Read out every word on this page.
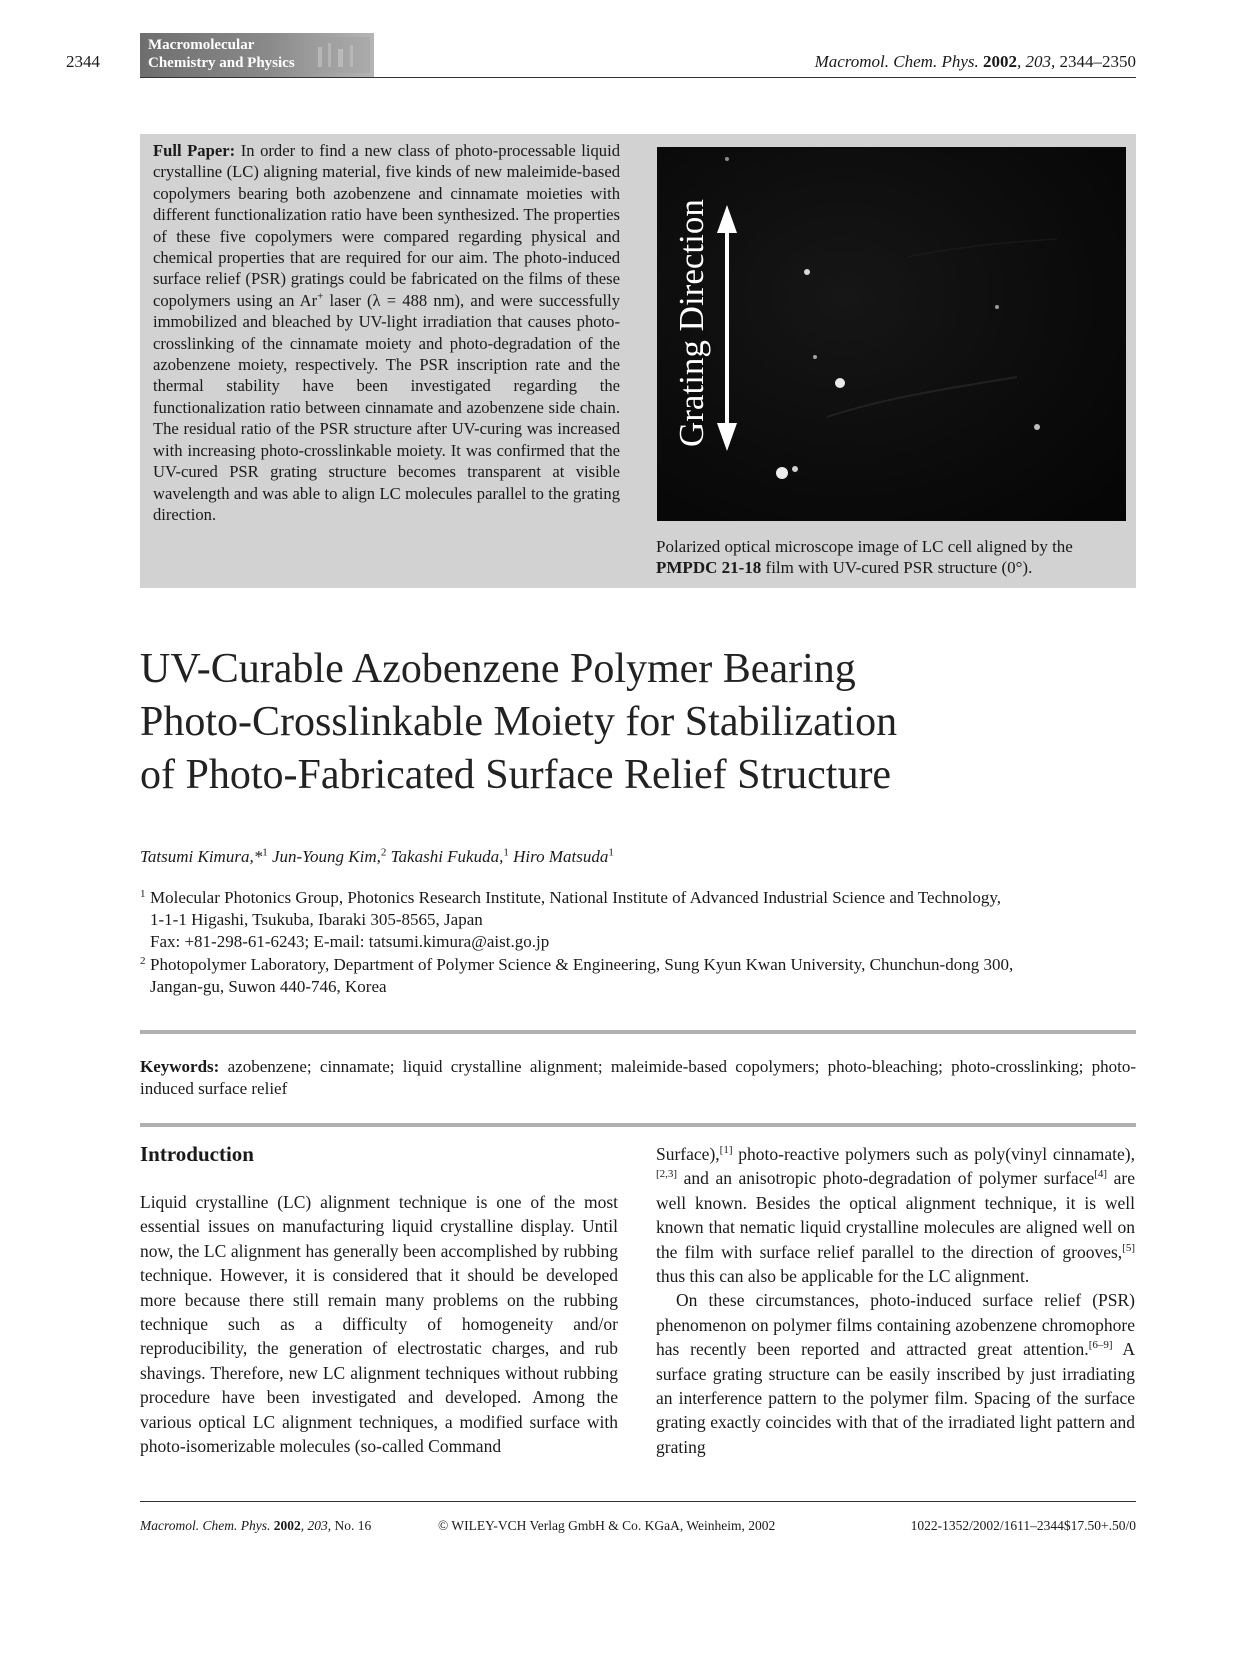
2344
Macromolecular
Chemistry and Physics	Macromol. Chem. Phys. 2002, 203, 2344–2350
Full Paper: In order to find a new class of photo-processable liquid crystalline (LC) aligning material, five kinds of new maleimide-based copolymers bearing both azobenzene and cinnamate moieties with different functionalization ratio have been synthesized. The properties of these five copolymers were compared regarding physical and chemical properties that are required for our aim. The photo-induced surface relief (PSR) gratings could be fabricated on the films of these copolymers using an Ar+ laser (λ = 488 nm), and were successfully immobilized and bleached by UV-light irradiation that causes photo-crosslinking of the cinnamate moiety and photo-degradation of the azobenzene moiety, respectively. The PSR inscription rate and the thermal stability have been investigated regarding the functionalization ratio between cinnamate and azobenzene side chain. The residual ratio of the PSR structure after UV-curing was increased with increasing photo-crosslinkable moiety. It was confirmed that the UV-cured PSR grating structure becomes transparent at visible wavelength and was able to align LC molecules parallel to the grating direction.
Grating Direction
Polarized optical microscope image of LC cell aligned by the PMPDC 21-18 film with UV-cured PSR structure (0°).
UV-Curable Azobenzene Polymer Bearing
Photo-Crosslinkable Moiety for Stabilization
of Photo-Fabricated Surface Relief Structure
Tatsumi Kimura,*$^1$ Jun-Young Kim,$^2$ Takashi Fukuda,$^1$ Hiro Matsuda$^1$
1 Molecular Photonics Group, Photonics Research Institute, National Institute of Advanced Industrial Science and Technology,
1-1-1 Higashi, Tsukuba, Ibaraki 305-8565, Japan
Fax: +81-298-61-6243; E-mail: tatsumi.kimura@aist.go.jp
2 Photopolymer Laboratory, Department of Polymer Science & Engineering, Sung Kyun Kwan University, Chunchun-dong 300,
Jangan-gu, Suwon 440-746, Korea
Keywords: azobenzene; cinnamate; liquid crystalline alignment; maleimide-based copolymers; photo-bleaching; photo-crosslinking; photo-induced surface relief
Introduction
Liquid crystalline (LC) alignment technique is one of the most essential issues on manufacturing liquid crystalline display. Until now, the LC alignment has generally been accomplished by rubbing technique. However, it is considered that it should be developed more because there still remain many problems on the rubbing technique such as a difficulty of homogeneity and/or reproducibility, the generation of electrostatic charges, and rub shavings. Therefore, new LC alignment techniques without rubbing procedure have been investigated and developed. Among the various optical LC alignment techniques, a modified surface with photo-isomerizable molecules (so-called Command

Surface),[1] photo-reactive polymers such as poly(vinyl cinnamate),[2,3] and an anisotropic photo-degradation of polymer surface[4] are well known. Besides the optical alignment technique, it is well known that nematic liquid crystalline molecules are aligned well on the film with surface relief parallel to the direction of grooves,[5] thus this can also be applicable for the LC alignment.

On these circumstances, photo-induced surface relief (PSR) phenomenon on polymer films containing azobenzene chromophore has recently been reported and attracted great attention.[6–9] A surface grating structure can be easily inscribed by just irradiating an interference pattern to the polymer film. Spacing of the surface grating exactly coincides with that of the irradiated light pattern and grating

Macromol. Chem. Phys. 2002, 203, No. 16	© WILEY-VCH Verlag GmbH & Co. KGaA, Weinheim, 2002	1022-1352/2002/1611–2344$17.50+.50/0
